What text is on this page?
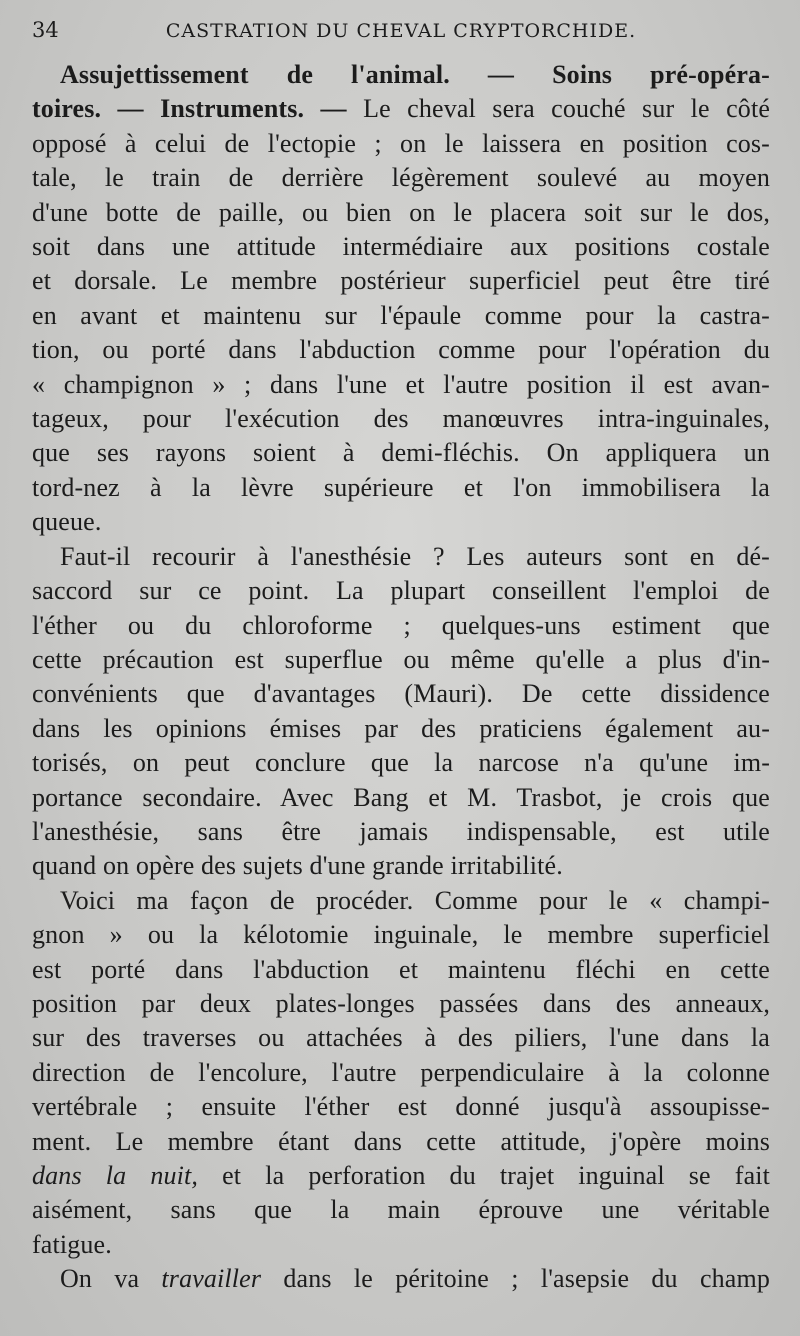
34	CASTRATION DU CHEVAL CRYPTORCHIDE.

Assujettissement de l'animal. — Soins pré-opéra-
toires. — Instruments. — Le cheval sera couché sur le côté
opposé à celui de l'ectopie ; on le laissera en position cos-
tale, le train de derrière légèrement soulevé au moyen
d'une botte de paille, ou bien on le placera soit sur le dos,
soit dans une attitude intermédiaire aux positions costale
et dorsale. Le membre postérieur superficiel peut être tiré
en avant et maintenu sur l'épaule comme pour la castra-
tion, ou porté dans l'abduction comme pour l'opération du
« champignon » ; dans l'une et l'autre position il est avan-
tageux, pour l'exécution des manœuvres intra-inguinales,
que ses rayons soient à demi-fléchis. On appliquera un
tord-nez à la lèvre supérieure et l'on immobilisera la
queue.

Faut-il recourir à l'anesthésie ? Les auteurs sont en dé-
saccord sur ce point. La plupart conseillent l'emploi de
l'éther ou du chloroforme ; quelques-uns estiment que
cette précaution est superflue ou même qu'elle a plus d'in-
convénients que d'avantages (Mauri). De cette dissidence
dans les opinions émises par des praticiens également au-
torisés, on peut conclure que la narcose n'a qu'une im-
portance secondaire. Avec Bang et M. Trasbot, je crois que
l'anesthésie, sans être jamais indispensable, est utile
quand on opère des sujets d'une grande irritabilité.

Voici ma façon de procéder. Comme pour le « champi-
gnon » ou la kélotomie inguinale, le membre superficiel
est porté dans l'abduction et maintenu fléchi en cette
position par deux plates-longes passées dans des anneaux,
sur des traverses ou attachées à des piliers, l'une dans la
direction de l'encolure, l'autre perpendiculaire à la colonne
vertébrale ; ensuite l'éther est donné jusqu'à assoupisse-
ment. Le membre étant dans cette attitude, j'opère moins
dans la nuit, et la perforation du trajet inguinal se fait
aisément, sans que la main éprouve une véritable
fatigue.

On va travailler dans le péritoine ; l'asepsie du champ
